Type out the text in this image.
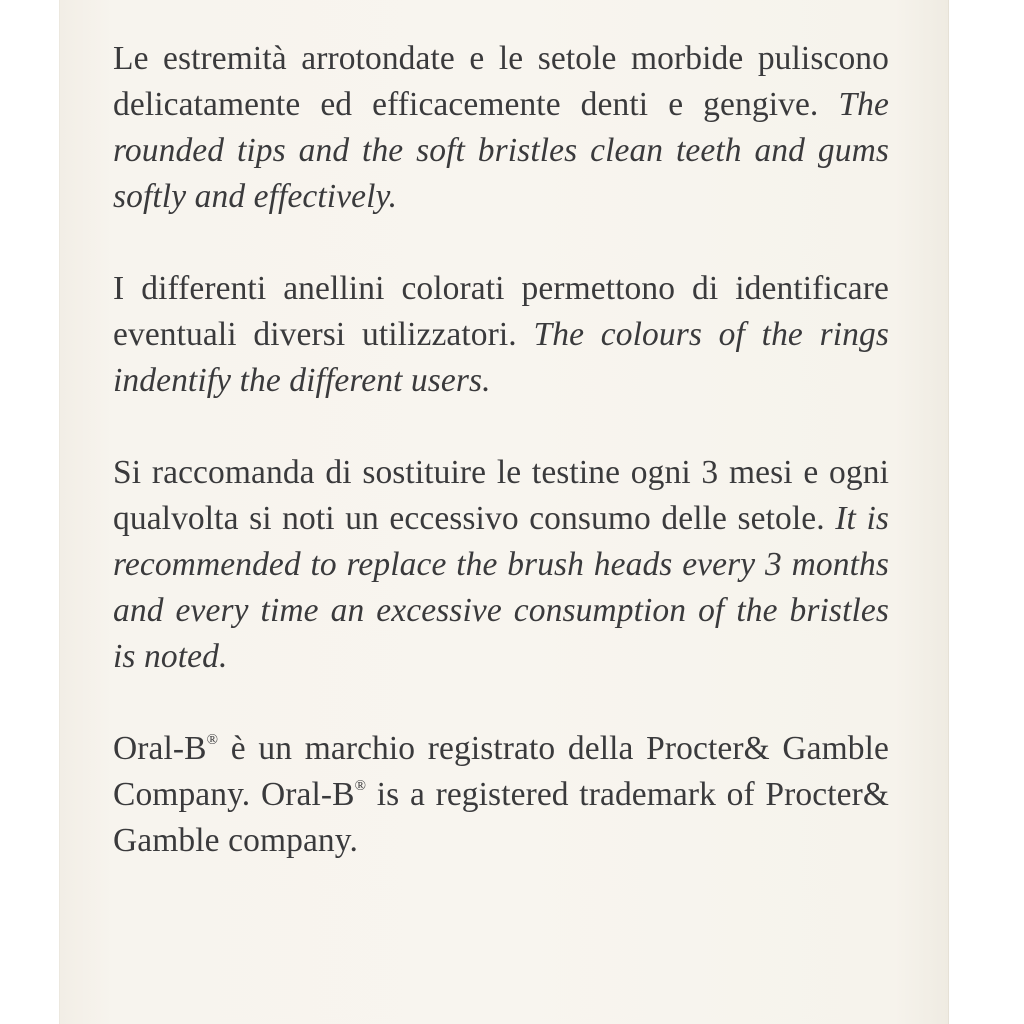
Le estremità arrotondate e le setole morbide puliscono delicatamente ed efficacemente denti e gengive. The rounded tips and the soft bristles clean teeth and gums softly and effectively.

I differenti anellini colorati permettono di identificare eventuali diversi utilizzatori. The colours of the rings indentify the different users.

Si raccomanda di sostituire le testine ogni 3 mesi e ogni qualvolta si noti un eccessivo consumo delle setole. It is recommended to replace the brush heads every 3 months and every time an excessive consumption of the bristles is noted.

Oral-B® è un marchio registrato della Procter& Gamble Company. Oral-B® is a registered trademark of Procter& Gamble company.
